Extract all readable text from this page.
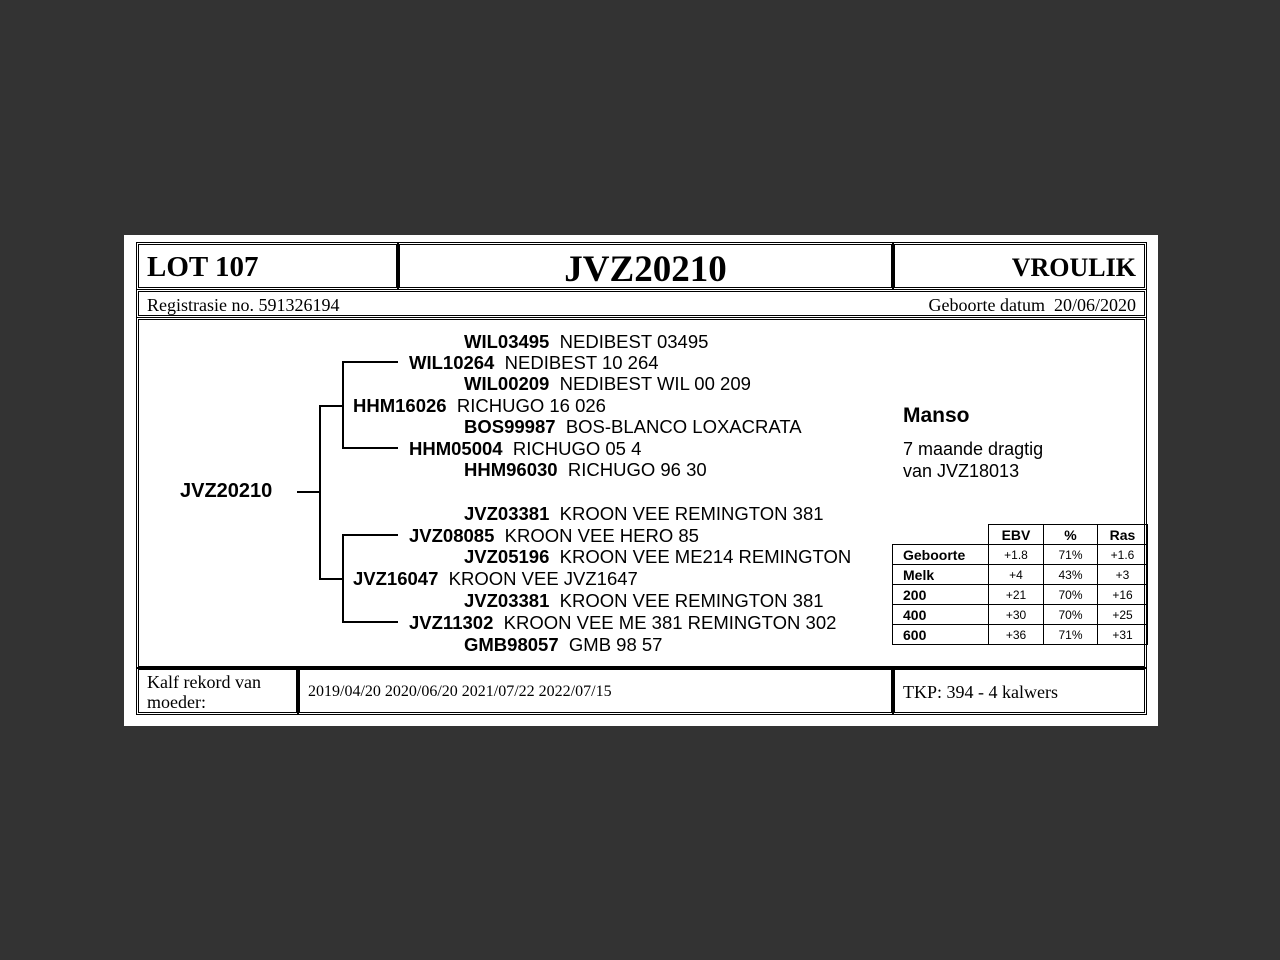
LOT 107	JVZ20210	VROULIK
Registrasie no. 591326194	Geboorte datum 20/06/2020
WIL03495 NEDIBEST 03495
WIL10264 NEDIBEST 10 264
WIL00209 NEDIBEST WIL 00 209
HHM16026 RICHUGO 16 026
BOS99987 BOS-BLANCO LOXACRATA
HHM05004 RICHUGO 05 4
HHM96030 RICHUGO 96 30
JVZ20210
JVZ03381 KROON VEE REMINGTON 381
JVZ08085 KROON VEE HERO 85
JVZ05196 KROON VEE ME214 REMINGTON
JVZ16047 KROON VEE JVZ1647
JVZ03381 KROON VEE REMINGTON 381
JVZ11302 KROON VEE ME 381 REMINGTON 302
GMB98057 GMB 98 57
Manso
7 maande dragtig
van JVZ18013
	EBV	%	Ras
Geboorte	+1.8	71%	+1.6
Melk	+4	43%	+3
200	+21	70%	+16
400	+30	70%	+25
600	+36	71%	+31
Kalf rekord van
moeder:
2019/04/20 2020/06/20 2021/07/22 2022/07/15	TKP: 394 - 4 kalwers
